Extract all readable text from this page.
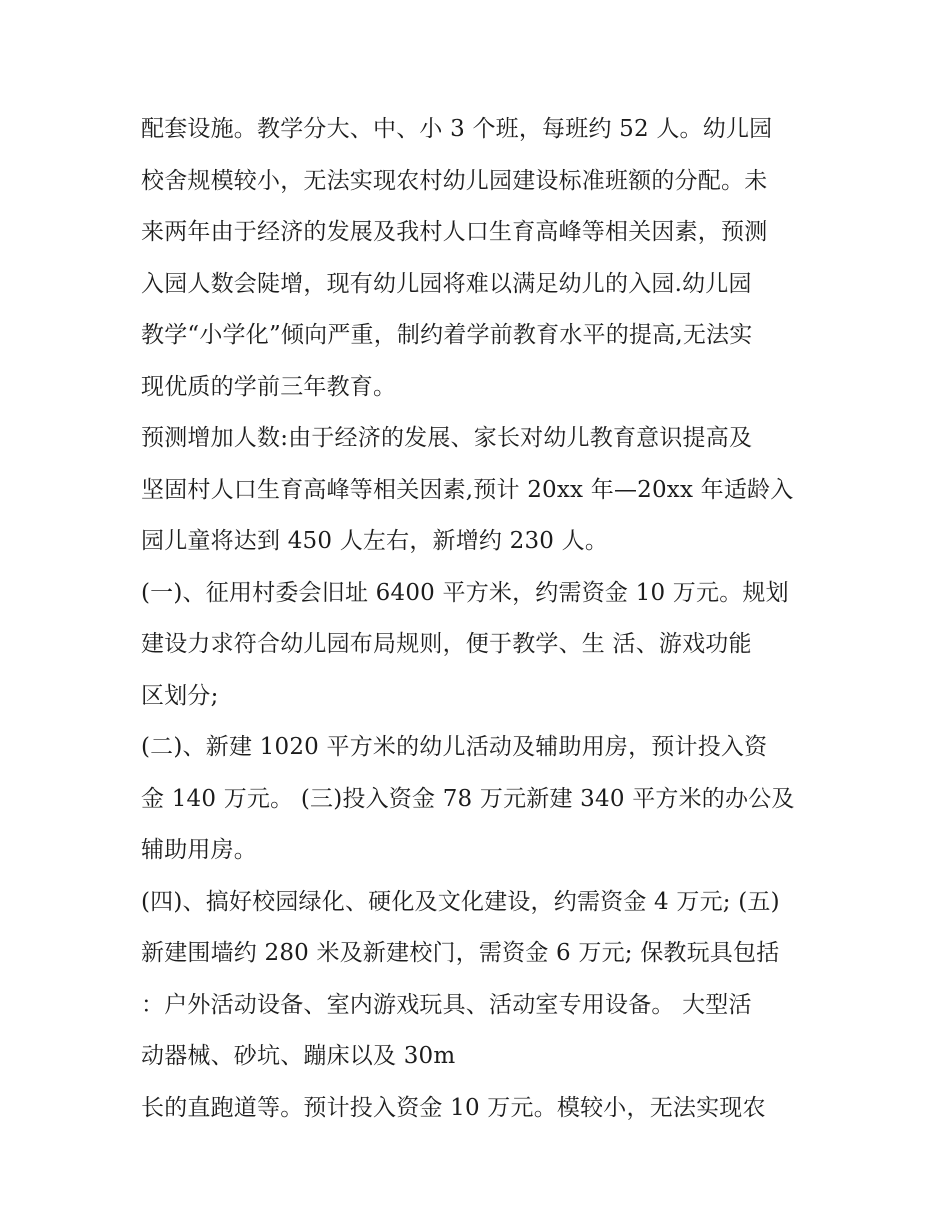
配套设施。教学分大、中、小 3 个班，每班约 52 人。幼儿园
校舍规模较小，无法实现农村幼儿园建设标准班额的分配。未
来两年由于经济的发展及我村人口生育高峰等相关因素，预测
入园人数会陡增，现有幼儿园将难以满足幼儿的入园.幼儿园
教学“小学化”倾向严重，制约着学前教育水平的提高,无法实
现优质的学前三年教育。
预测增加人数:由于经济的发展、家长对幼儿教育意识提高及
坚固村人口生育高峰等相关因素,预计 20xx 年—20xx 年适龄入
园儿童将达到 450 人左右，新增约 230 人。
(一)、征用村委会旧址 6400 平方米，约需资金 10 万元。规划
建设力求符合幼儿园布局规则，便于教学、生 活、游戏功能
区划分;
(二)、新建 1020 平方米的幼儿活动及辅助用房，预计投入资
金 140 万元。 (三)投入资金 78 万元新建 340 平方米的办公及
辅助用房。
(四)、搞好校园绿化、硬化及文化建设，约需资金 4 万元; (五)
新建围墙约 280 米及新建校门，需资金 6 万元; 保教玩具包括
：户外活动设备、室内游戏玩具、活动室专用设备。 大型活
动器械、砂坑、蹦床以及 30m
长的直跑道等。预计投入资金 10 万元。模较小，无法实现农
